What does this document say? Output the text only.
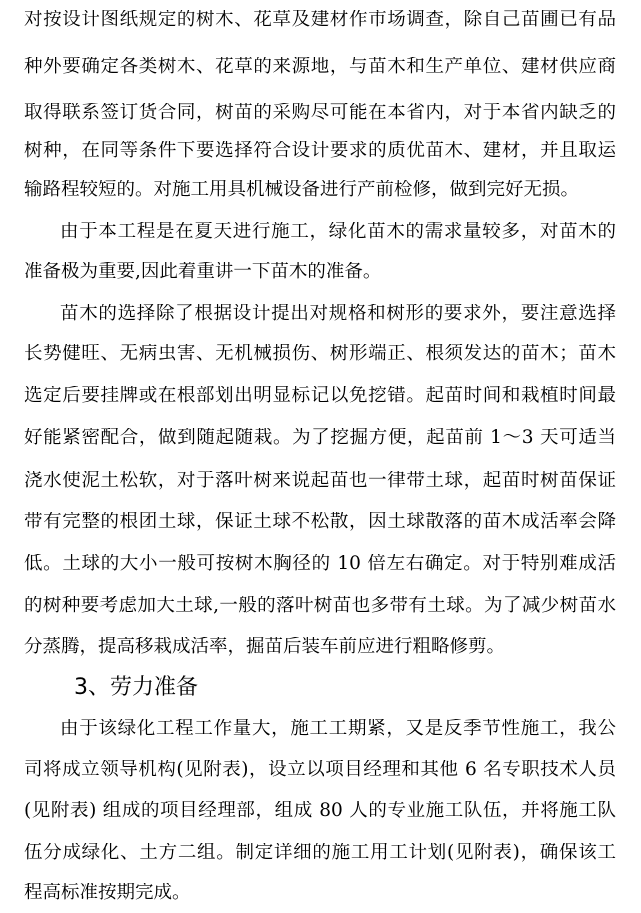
对按设计图纸规定的树木、花草及建材作市场调查，除自己苗圃已有品
种外要确定各类树木、花草的来源地，与苗木和生产单位、建材供应商
取得联系签订货合同，树苗的采购尽可能在本省内，对于本省内缺乏的
树种，在同等条件下要选择符合设计要求的质优苗木、建材，并且取运
输路程较短的。对施工用具机械设备进行产前检修，做到完好无损。
由于本工程是在夏天进行施工，绿化苗木的需求量较多，对苗木的
准备极为重要,因此着重讲一下苗木的准备。
苗木的选择除了根据设计提出对规格和树形的要求外，要注意选择
长势健旺、无病虫害、无机械损伤、树形端正、根须发达的苗木；苗木
选定后要挂牌或在根部划出明显标记以免挖错。起苗时间和栽植时间最
好能紧密配合，做到随起随栽。为了挖掘方便，起苗前 1～3 天可适当
浇水使泥土松软，对于落叶树来说起苗也一律带土球，起苗时树苗保证
带有完整的根团土球，保证土球不松散，因土球散落的苗木成活率会降
低。土球的大小一般可按树木胸径的 10 倍左右确定。对于特别难成活
的树种要考虑加大土球,一般的落叶树苗也多带有土球。为了减少树苗水
分蒸腾，提高移栽成活率，掘苗后装车前应进行粗略修剪。
3、劳力准备
由于该绿化工程工作量大，施工工期紧，又是反季节性施工，我公
司将成立领导机构(见附表)，设立以项目经理和其他 6 名专职技术人员
(见附表) 组成的项目经理部，组成 80 人的专业施工队伍，并将施工队
伍分成绿化、土方二组。制定详细的施工用工计划(见附表)，确保该工
程高标准按期完成。
